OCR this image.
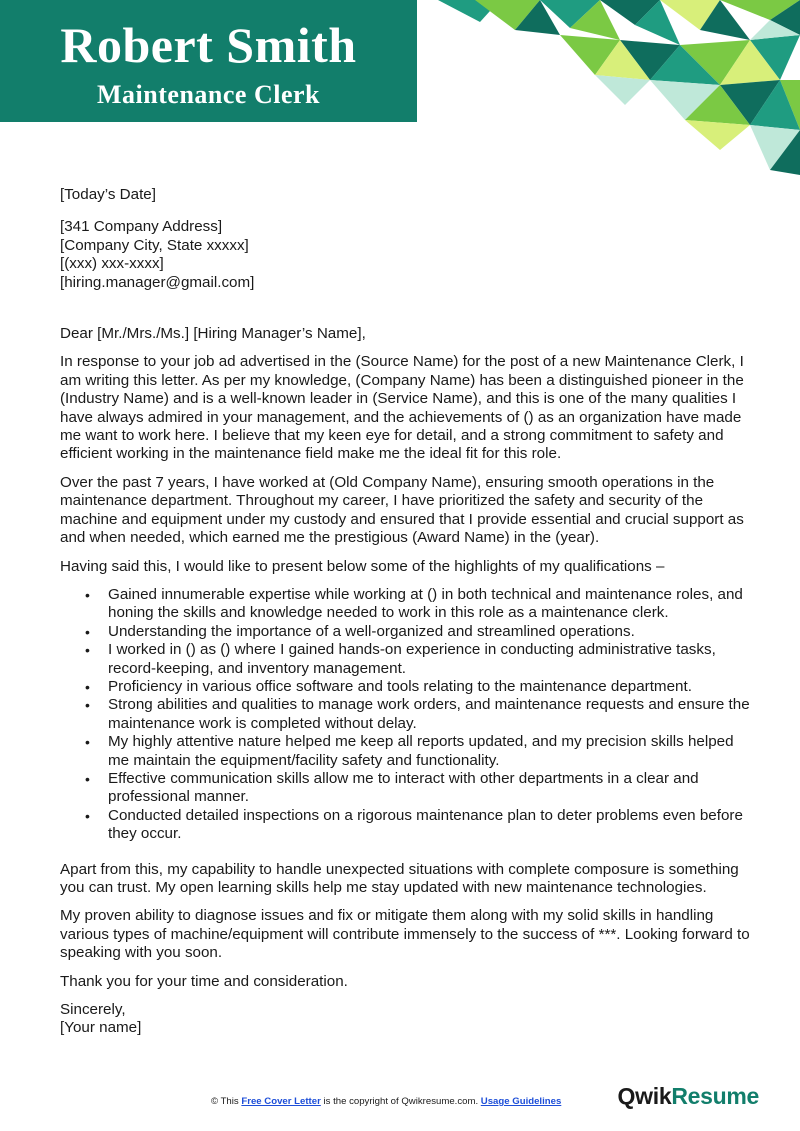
Robert Smith
Maintenance Clerk

[Today’s Date]

[341 Company Address]

[Company City, State xxxxx]

[(xxx) xxx-xxxx]

[hiring.manager@gmail.com]

Dear [Mr./Mrs./Ms.] [Hiring Manager’s Name],

In response to your job ad advertised in the (Source Name) for the post of a new Maintenance Clerk, I am writing this letter. As per my knowledge, (Company Name) has been a distinguished pioneer in the (Industry Name) and is a well-known leader in (Service Name), and this is one of the many qualities I have always admired in your management, and the achievements of () as an organization have made me want to work here. I believe that my keen eye for detail, and a strong commitment to safety and efficient working in the maintenance field make me the ideal fit for this role.

Over the past 7 years, I have worked at (Old Company Name), ensuring smooth operations in the maintenance department. Throughout my career, I have prioritized the safety and security of the machine and equipment under my custody and ensured that I provide essential and crucial support as and when needed, which earned me the prestigious (Award Name) in the (year).

Having said this, I would like to present below some of the highlights of my qualifications –

• Gained innumerable expertise while working at () in both technical and maintenance roles, and honing the skills and knowledge needed to work in this role as a maintenance clerk.
• Understanding the importance of a well-organized and streamlined operations.
• I worked in () as () where I gained hands-on experience in conducting administrative tasks, record-keeping, and inventory management.
• Proficiency in various office software and tools relating to the maintenance department.
• Strong abilities and qualities to manage work orders, and maintenance requests and ensure the maintenance work is completed without delay.
• My highly attentive nature helped me keep all reports updated, and my precision skills helped me maintain the equipment/facility safety and functionality.
• Effective communication skills allow me to interact with other departments in a clear and professional manner.
• Conducted detailed inspections on a rigorous maintenance plan to deter problems even before they occur.

Apart from this, my capability to handle unexpected situations with complete composure is something you can trust. My open learning skills help me stay updated with new maintenance technologies.

My proven ability to diagnose issues and fix or mitigate them along with my solid skills in handling various types of machine/equipment will contribute immensely to the success of ***. Looking forward to speaking with you soon.

Thank you for your time and consideration.

Sincerely,

[Your name]

© This Free Cover Letter is the copyright of Qwikresume.com. Usage Guidelines QwikResume
